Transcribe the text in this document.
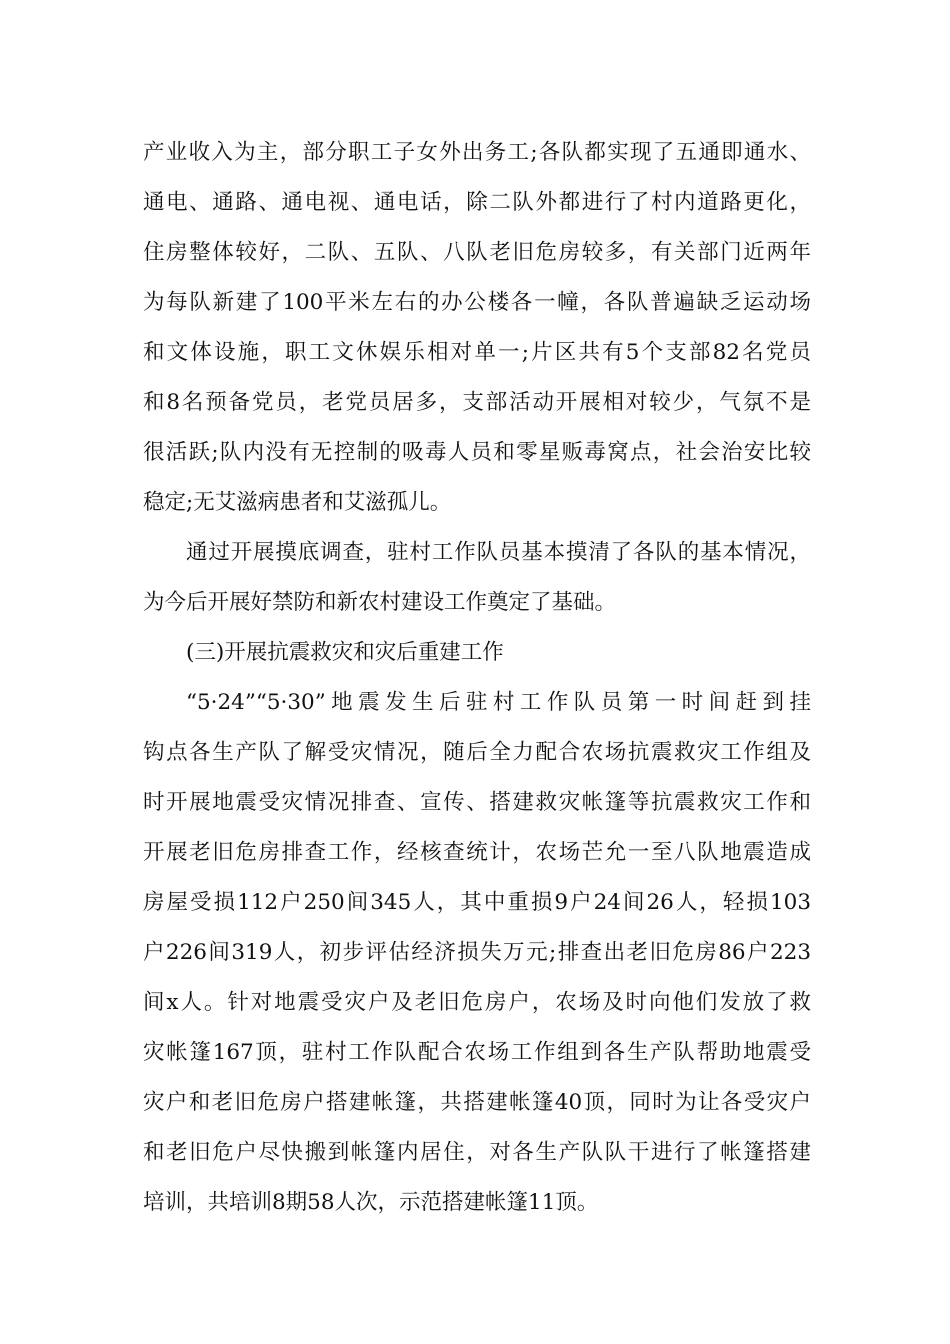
产业收入为主，部分职工子女外出务工;各队都实现了五通即通水、
通电、通路、通电视、通电话，除二队外都进行了村内道路更化，
住房整体较好，二队、五队、八队老旧危房较多，有关部门近两年
为每队新建了100平米左右的办公楼各一幢，各队普遍缺乏运动场
和文体设施，职工文休娱乐相对单一;片区共有5个支部82名党员
和8名预备党员，老党员居多，支部活动开展相对较少，气氛不是
很活跃;队内没有无控制的吸毒人员和零星贩毒窝点，社会治安比较
稳定;无艾滋病患者和艾滋孤儿。
通过开展摸底调查，驻村工作队员基本摸清了各队的基本情况，
为今后开展好禁防和新农村建设工作奠定了基础。
(三)开展抗震救灾和灾后重建工作
“5·24”“5·30”地震发生后驻村工作队员第一时间赶到挂
钩点各生产队了解受灾情况，随后全力配合农场抗震救灾工作组及
时开展地震受灾情况排查、宣传、搭建救灾帐篷等抗震救灾工作和
开展老旧危房排查工作，经核查统计，农场芒允一至八队地震造成
房屋受损112户250间345人，其中重损9户24间26人，轻损103
户226间319人，初步评估经济损失万元;排查出老旧危房86户223
间x人。针对地震受灾户及老旧危房户，农场及时向他们发放了救
灾帐篷167顶，驻村工作队配合农场工作组到各生产队帮助地震受
灾户和老旧危房户搭建帐篷，共搭建帐篷40顶，同时为让各受灾户
和老旧危户尽快搬到帐篷内居住，对各生产队队干进行了帐篷搭建
培训，共培训8期58人次，示范搭建帐篷11顶。
